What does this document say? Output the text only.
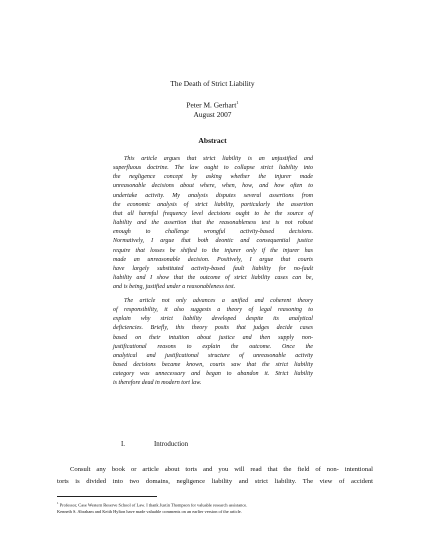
The Death of Strict Liability
Peter M. Gerhart$^1$
August 2007
Abstract

This article argues that strict liability is an unjustified and
superfluous doctrine. The law ought to collapse strict liability into
the negligence concept by asking whether the injurer made
unreasonable decisions about where, when, how, and how often to
undertake activity. My analysis disputes several assertions from
the economic analysis of strict liability, particularly the assertion
that all harmful frequency level decisions ought to be the source of
liability and the assertion that the reasonableness test is not robust
enough to challenge wrongful activity-based decisions.
Normatively, I argue that both deontic and consequential justice
require that losses be shifted to the injurer only if the injurer has
made an unreasonable decision. Positively, I argue that courts
have largely substituted activity-based fault liability for no-fault
liability and I show that the outcome of strict liability cases can be,
and is being, justified under a reasonableness test.

The article not only advances a unified and coherent theory
of responsibility, it also suggests a theory of legal reasoning to
explain why strict liability developed despite its analytical
deficiencies. Briefly, this theory posits that judges decide cases
based on their intuition about justice and then supply non-
justificational reasons to explain the outcome. Once the
analytical and justificational structure of unreasonable activity
based decisions became known, courts saw that the strict liability
category was unnecessary and began to abandon it. Strict liability
is therefore dead in modern tort law.

I.	Introduction
Consult any book or article about torts and you will read that the field of non- intentional
torts is divided into two domains, negligence liability and strict liability. The view of accident
$^1$ Professor, Case Western Reserve School of Law. I thank Justin Thompson for valuable research assistance.
Kenneth S. Abraham and Keith Hylton have made valuable comments on an earlier version of the article.
